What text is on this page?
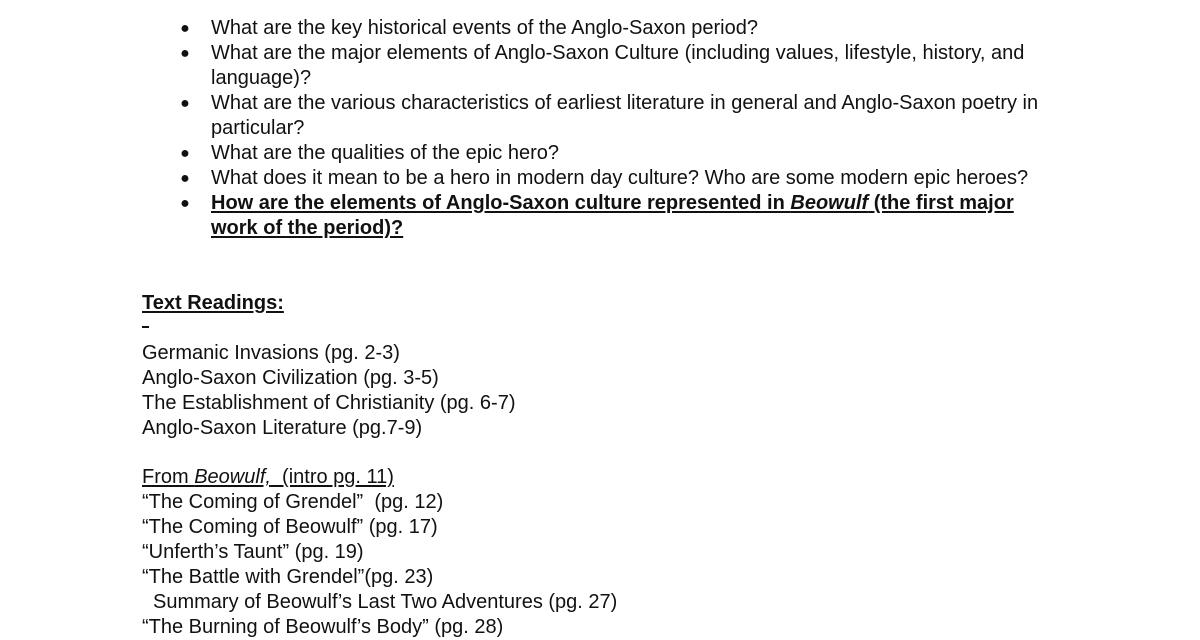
● What are the key historical events of the Anglo-Saxon period?
● What are the major elements of Anglo-Saxon Culture (including values, lifestyle, history, and language)?
● What are the various characteristics of earliest literature in general and Anglo-Saxon poetry in particular?
● What are the qualities of the epic hero?
● What does it mean to be a hero in modern day culture? Who are some modern epic heroes?
● How are the elements of Anglo-Saxon culture represented in Beowulf (the first major work of the period)?
Text Readings:
Germanic Invasions (pg. 2-3)
Anglo-Saxon Civilization (pg. 3-5)
The Establishment of Christianity (pg. 6-7)
Anglo-Saxon Literature (pg.7-9)
From Beowulf,  (intro pg. 11)
“The Coming of Grendel”  (pg. 12)
“The Coming of Beowulf” (pg. 17)
“Unferth’s Taunt” (pg. 19)
“The Battle with Grendel”(pg. 23)
Summary of Beowulf’s Last Two Adventures (pg. 27)
“The Burning of Beowulf’s Body” (pg. 28)
